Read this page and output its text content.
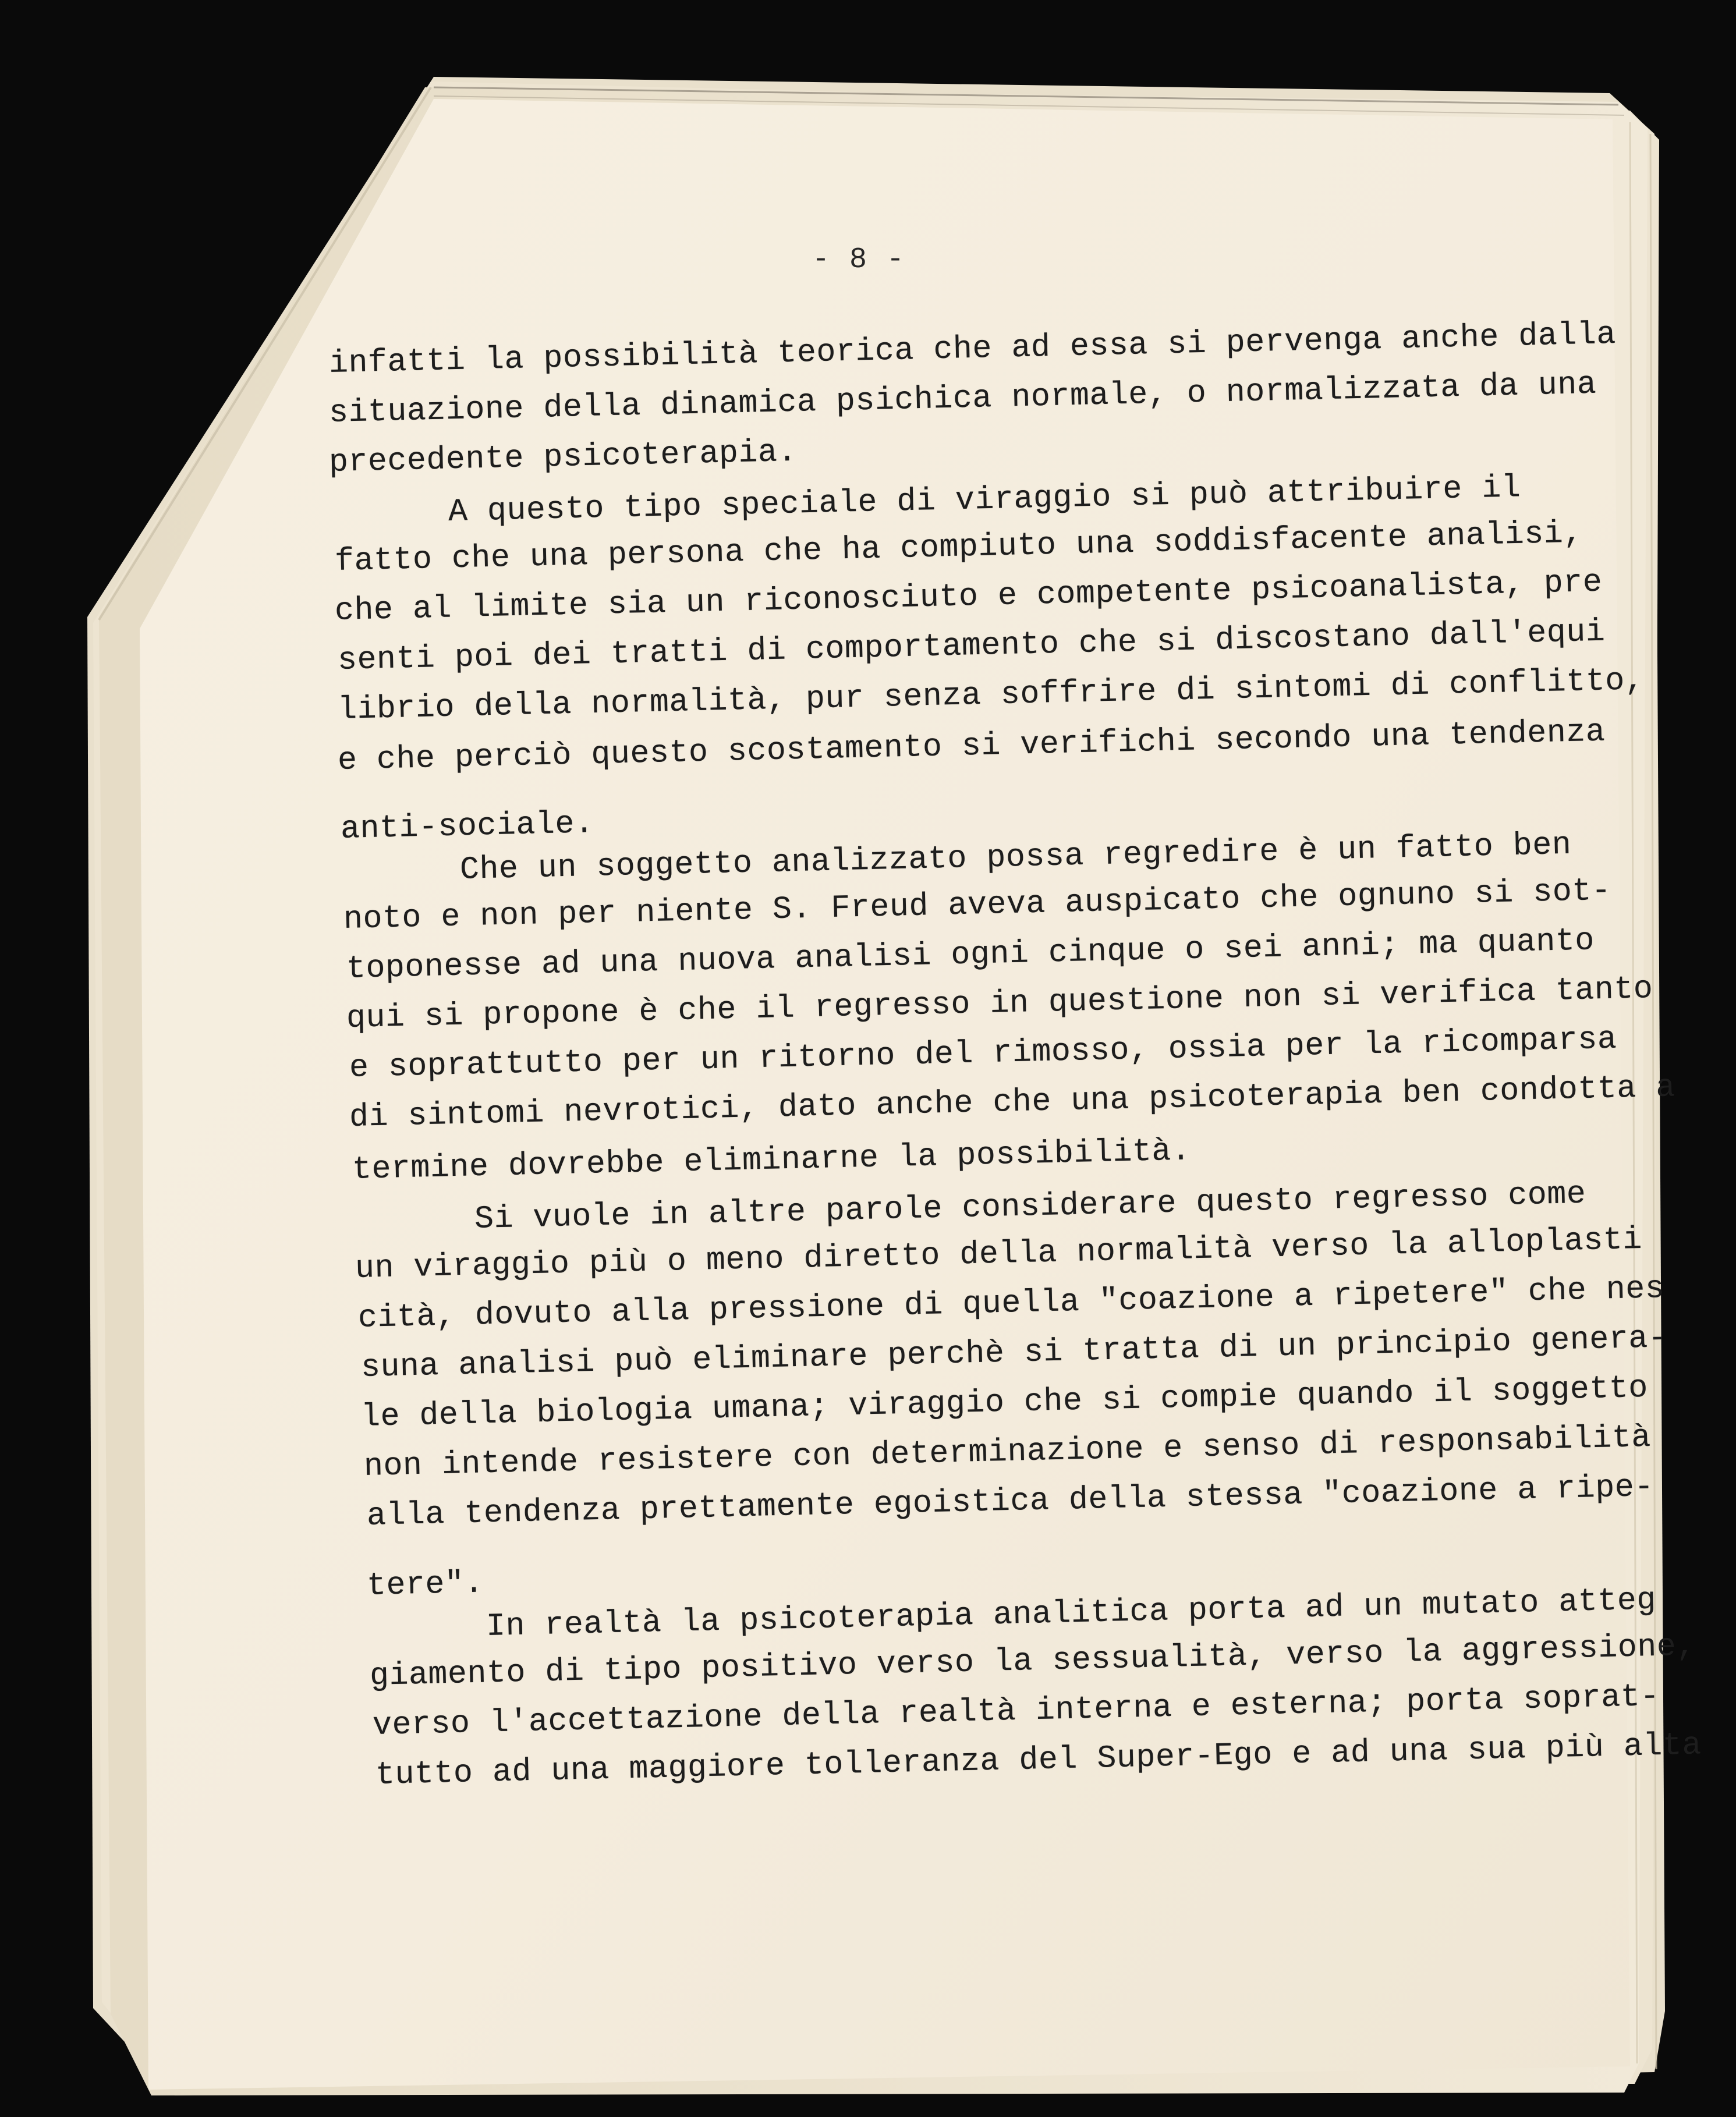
- 8 -
infatti la possibilità teorica che ad essa si pervenga anche dalla
situazione della dinamica psichica normale, o normalizzata da una
precedente psicoterapia.
A questo tipo speciale di viraggio si può attribuire il
fatto che una persona che ha compiuto una soddisfacente analisi,
che al limite sia un riconosciuto e competente psicoanalista, pre
senti poi dei tratti di comportamento che si discostano dall'equi
librio della normalità, pur senza soffrire di sintomi di conflitto,
e che perciò questo scostamento si verifichi secondo una tendenza
anti-sociale.
Che un soggetto analizzato possa regredire è un fatto ben
noto e non per niente S. Freud aveva auspicato che ognuno si sot-
toponesse ad una nuova analisi ogni cinque o sei anni; ma quanto
qui si propone è che il regresso in questione non si verifica tanto
e soprattutto per un ritorno del rimosso, ossia per la ricomparsa
di sintomi nevrotici, dato anche che una psicoterapia ben condotta a
termine dovrebbe eliminarne la possibilità.
Si vuole in altre parole considerare questo regresso come
un viraggio più o meno diretto della normalità verso la alloplasti
cità, dovuto alla pressione di quella "coazione a ripetere" che nes
suna analisi può eliminare perchè si tratta di un principio genera-
le della biologia umana; viraggio che si compie quando il soggetto
non intende resistere con determinazione e senso di responsabilità
alla tendenza prettamente egoistica della stessa "coazione a ripe-
tere". In realtà la psicoterapia analitica porta ad un mutato atteg
giamento di tipo positivo verso la sessualità, verso la aggressione,
verso l'accettazione della realtà interna e esterna; porta soprat-
tutto ad una maggiore tolleranza del Super-Ego e ad una sua più alta
